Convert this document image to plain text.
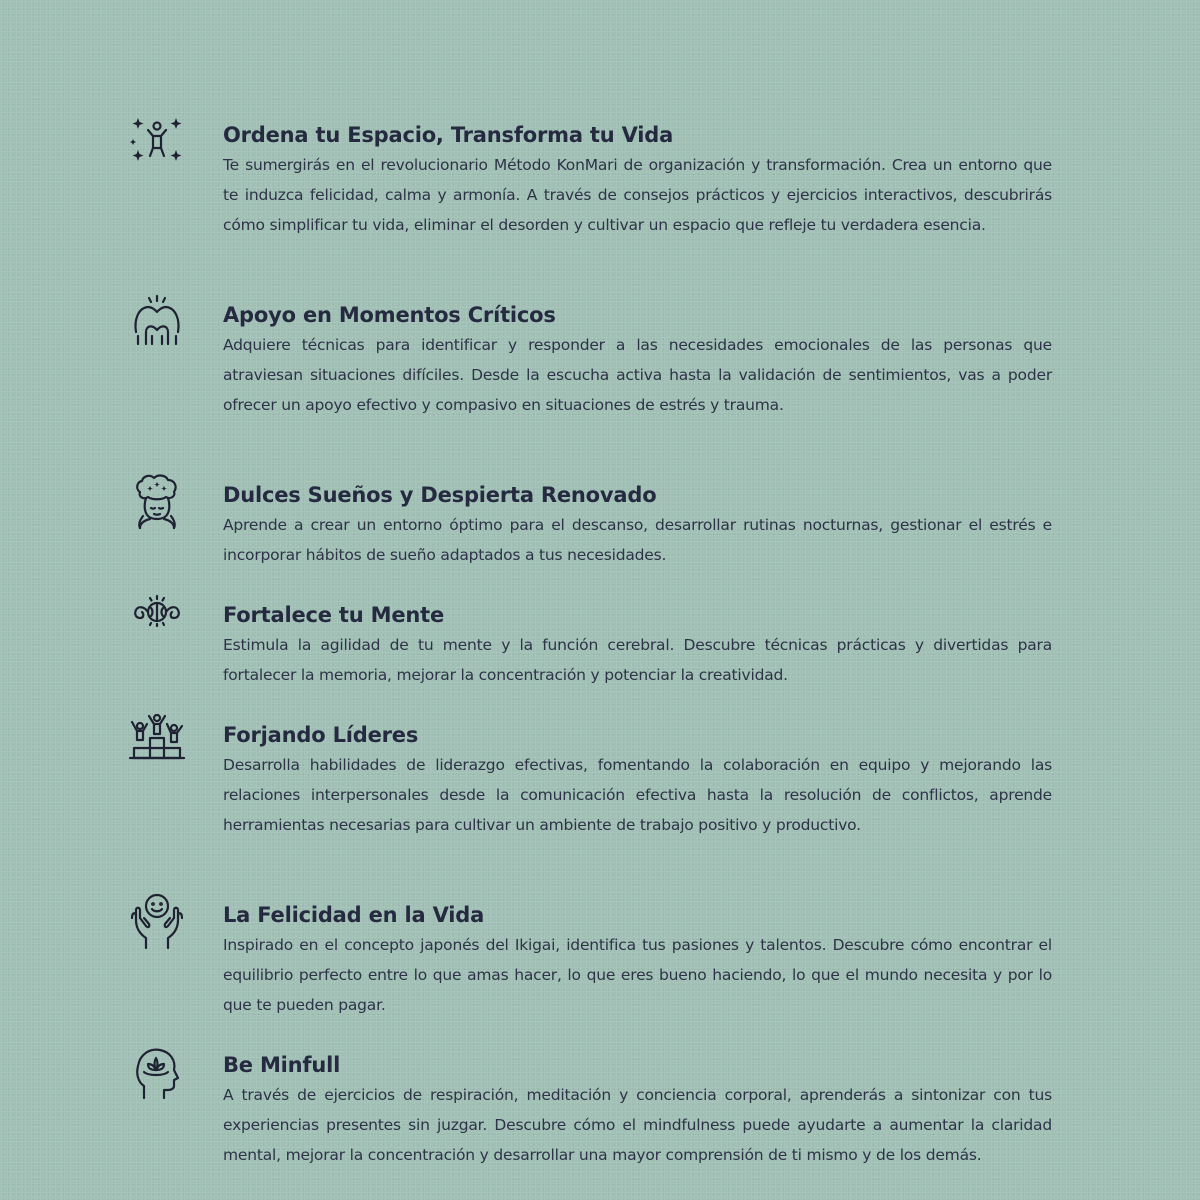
Ordena tu Espacio, Transforma tu Vida

Te sumergirás en el revolucionario Método KonMari de organización y transformación. Crea un entorno que te induzca felicidad, calma y armonía. A través de consejos prácticos y ejercicios interactivos, descubrirás cómo simplificar tu vida, eliminar el desorden y cultivar un espacio que refleje tu verdadera esencia.

Apoyo en Momentos Críticos

Adquiere técnicas para identificar y responder a las necesidades emocionales de las personas que atraviesan situaciones difíciles. Desde la escucha activa hasta la validación de sentimientos, vas a poder ofrecer un apoyo efectivo y compasivo en situaciones de estrés y trauma.

Dulces Sueños y Despierta Renovado

Aprende a crear un entorno óptimo para el descanso, desarrollar rutinas nocturnas, gestionar el estrés e incorporar hábitos de sueño adaptados a tus necesidades.

Fortalece tu Mente

Estimula la agilidad de tu mente y la función cerebral. Descubre técnicas prácticas y divertidas para fortalecer la memoria, mejorar la concentración y potenciar la creatividad.

Forjando Líderes

Desarrolla habilidades de liderazgo efectivas, fomentando la colaboración en equipo y mejorando las relaciones interpersonales desde la comunicación efectiva hasta la resolución de conflictos, aprende herramientas necesarias para cultivar un ambiente de trabajo positivo y productivo.

La Felicidad en la Vida

Inspirado en el concepto japonés del Ikigai, identifica tus pasiones y talentos. Descubre cómo encontrar el equilibrio perfecto entre lo que amas hacer, lo que eres bueno haciendo, lo que el mundo necesita y por lo que te pueden pagar.

Be Minfull

A través de ejercicios de respiración, meditación y conciencia corporal, aprenderás a sintonizar con tus experiencias presentes sin juzgar. Descubre cómo el mindfulness puede ayudarte a aumentar la claridad mental, mejorar la concentración y desarrollar una mayor comprensión de ti mismo y de los demás.
